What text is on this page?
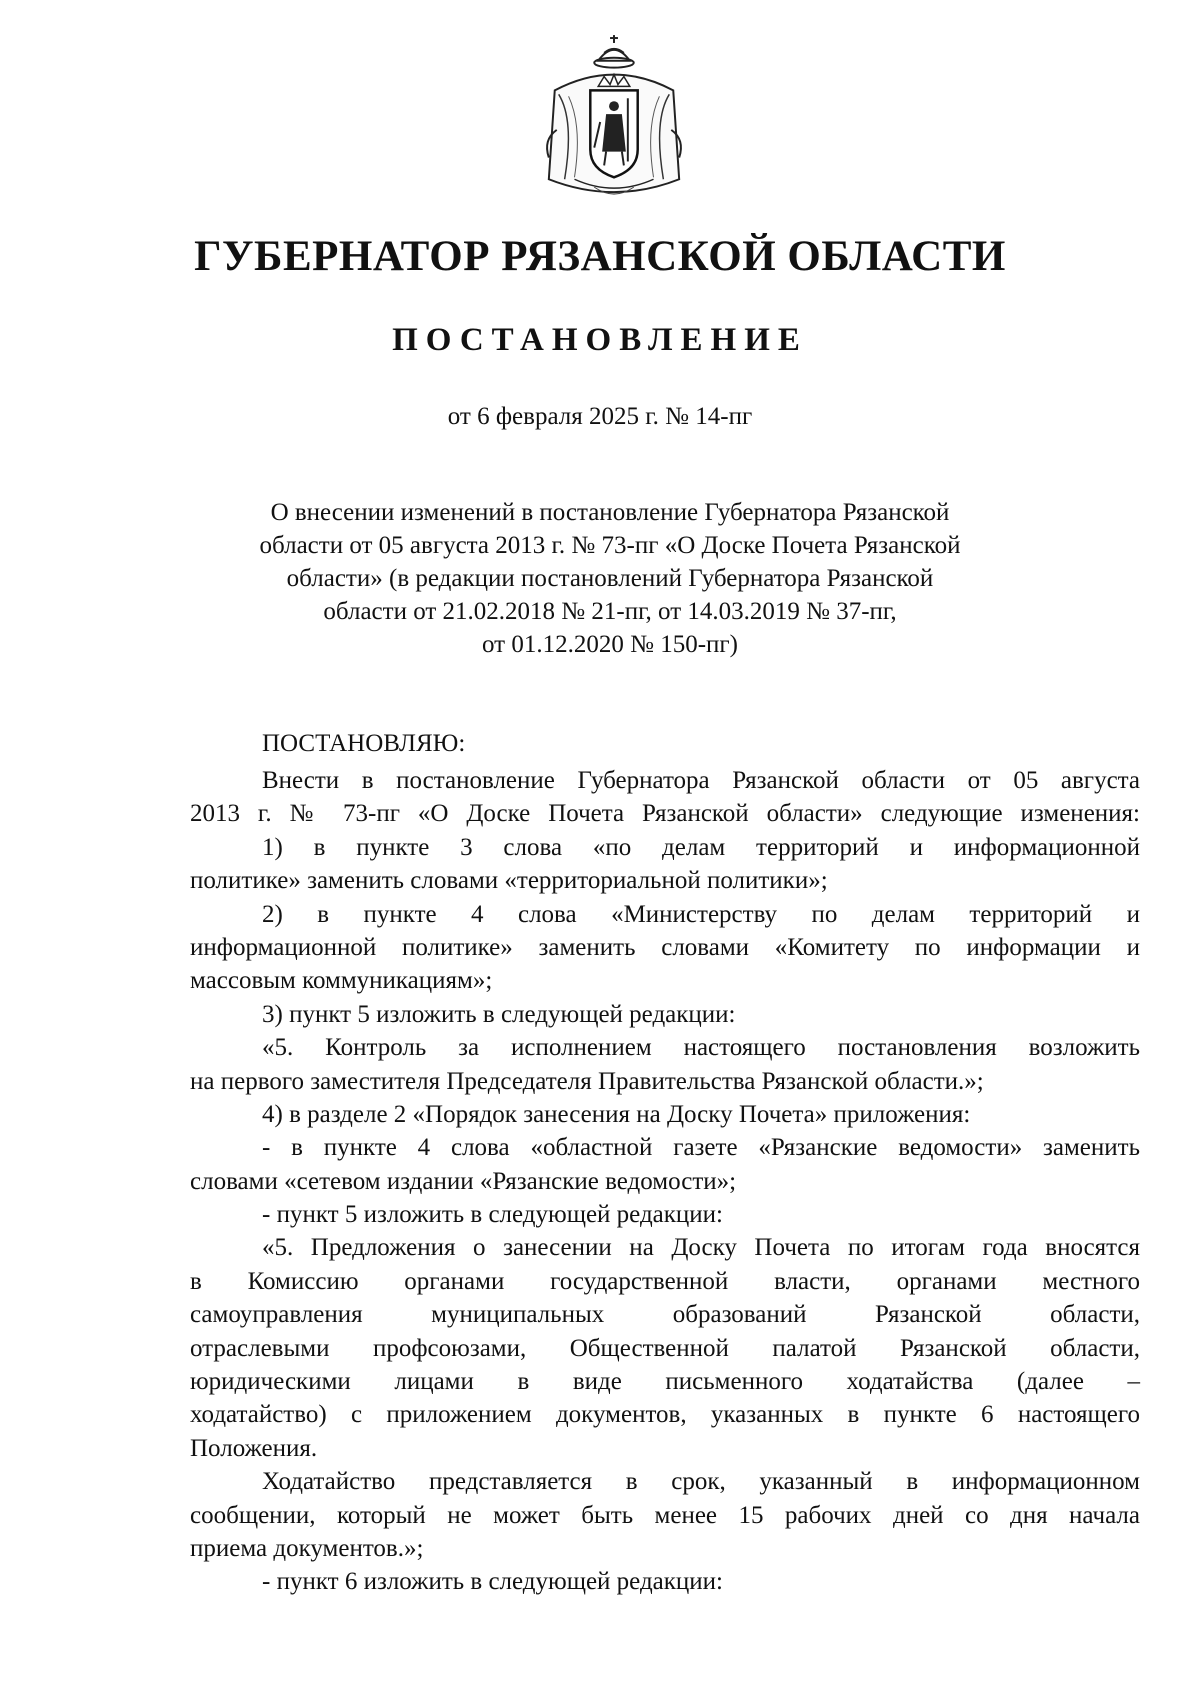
ГУБЕРНАТОР РЯЗАНСКОЙ ОБЛАСТИ
ПОСТАНОВЛЕНИЕ
от 6 февраля 2025 г. № 14-пг
О внесении изменений в постановление Губернатора Рязанской
области от 05 августа 2013 г. № 73-пг «О Доске Почета Рязанской
области» (в редакции постановлений Губернатора Рязанской
области от 21.02.2018 № 21-пг, от 14.03.2019 № 37-пг,
от 01.12.2020 № 150-пг)
ПОСТАНОВЛЯЮ:
Внести в постановление Губернатора Рязанской области от 05 августа
2013 г. № 73-пг «О Доске Почета Рязанской области» следующие изменения:
1) в пункте 3 слова «по делам территорий и информационной
политике» заменить словами «территориальной политики»;
2) в пункте 4 слова «Министерству по делам территорий и
информационной политике» заменить словами «Комитету по информации и
массовым коммуникациям»;
3) пункт 5 изложить в следующей редакции:
«5. Контроль за исполнением настоящего постановления возложить
на первого заместителя Председателя Правительства Рязанской области.»;
4) в разделе 2 «Порядок занесения на Доску Почета» приложения:
- в пункте 4 слова «областной газете «Рязанские ведомости» заменить
словами «сетевом издании «Рязанские ведомости»;
- пункт 5 изложить в следующей редакции:
«5. Предложения о занесении на Доску Почета по итогам года вносятся
в Комиссию органами государственной власти, органами местного
самоуправления муниципальных образований Рязанской области,
отраслевыми профсоюзами, Общественной палатой Рязанской области,
юридическими лицами в виде письменного ходатайства (далее –
ходатайство) с приложением документов, указанных в пункте 6 настоящего
Положения.
Ходатайство представляется в срок, указанный в информационном
сообщении, который не может быть менее 15 рабочих дней со дня начала
приема документов.»;
- пункт 6 изложить в следующей редакции:
